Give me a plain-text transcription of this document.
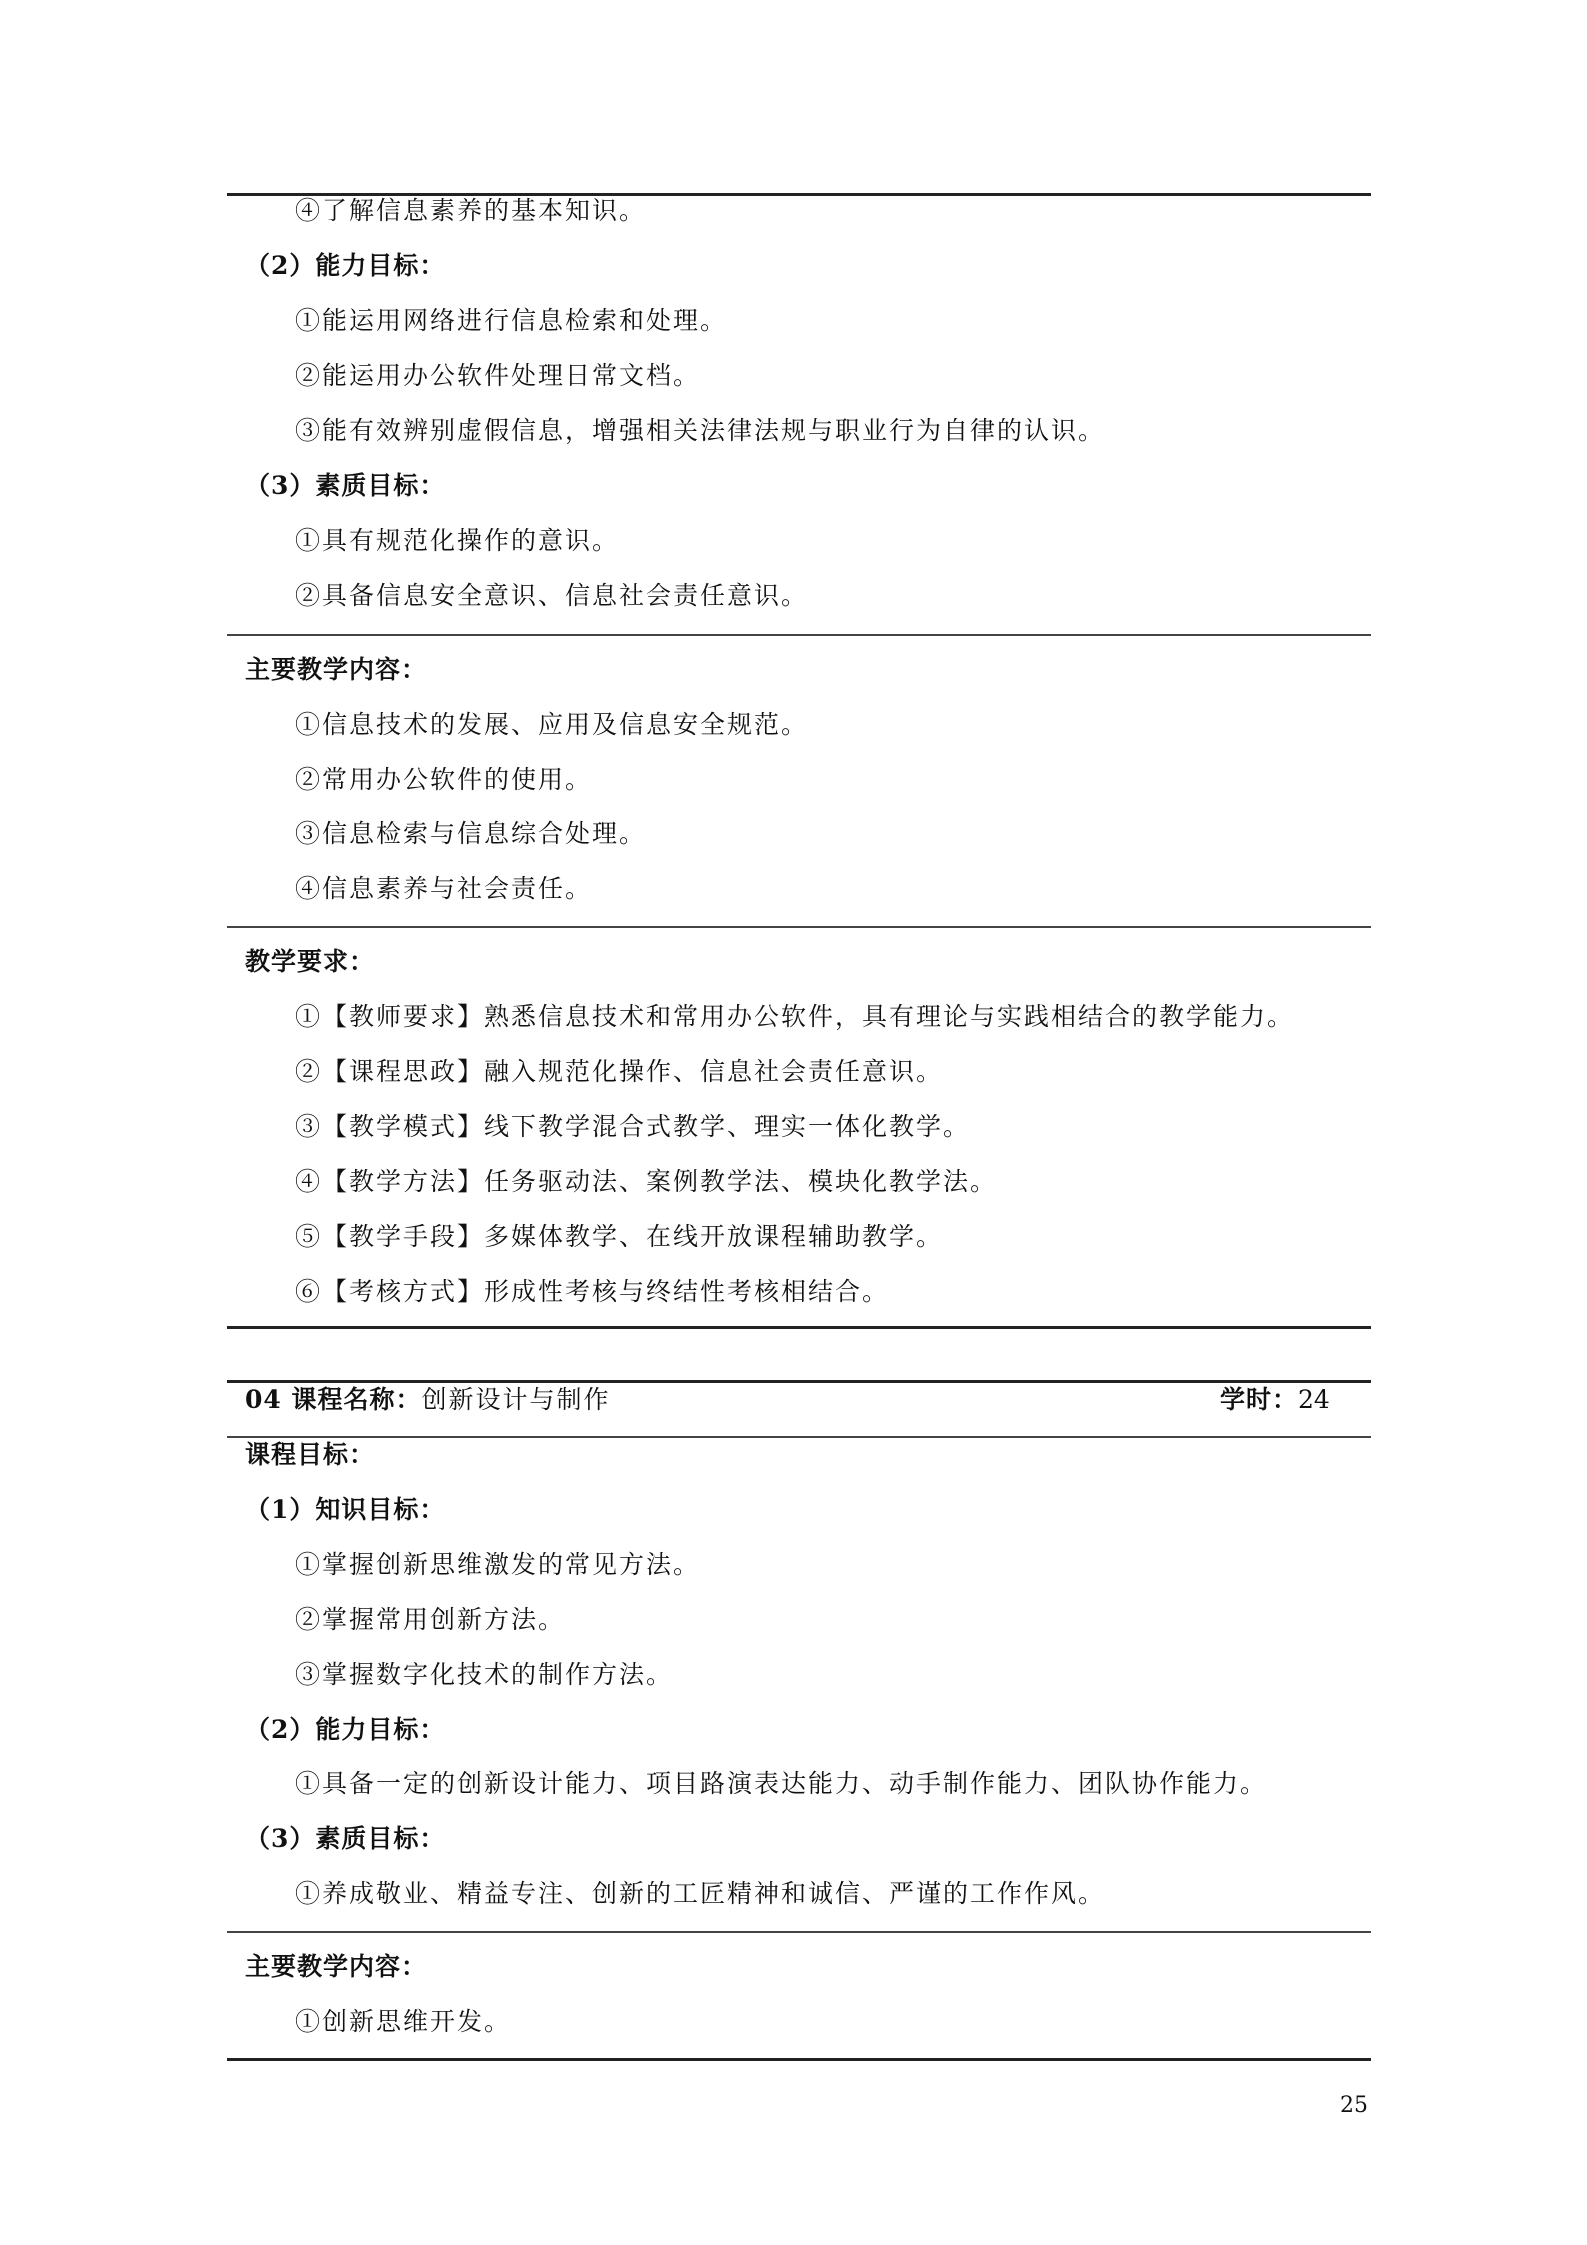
④了解信息素养的基本知识。
（2）能力目标：
①能运用网络进行信息检索和处理。
②能运用办公软件处理日常文档。
③能有效辨别虚假信息，增强相关法律法规与职业行为自律的认识。
（3）素质目标：
①具有规范化操作的意识。
②具备信息安全意识、信息社会责任意识。
主要教学内容：
①信息技术的发展、应用及信息安全规范。
②常用办公软件的使用。
③信息检索与信息综合处理。
④信息素养与社会责任。
教学要求：
①【教师要求】熟悉信息技术和常用办公软件，具有理论与实践相结合的教学能力。
②【课程思政】融入规范化操作、信息社会责任意识。
③【教学模式】线下教学混合式教学、理实一体化教学。
④【教学方法】任务驱动法、案例教学法、模块化教学法。
⑤【教学手段】多媒体教学、在线开放课程辅助教学。
⑥【考核方式】形成性考核与终结性考核相结合。
04 课程名称：创新设计与制作	学时：24
课程目标：
（1）知识目标：
①掌握创新思维激发的常见方法。
②掌握常用创新方法。
③掌握数字化技术的制作方法。
（2）能力目标：
①具备一定的创新设计能力、项目路演表达能力、动手制作能力、团队协作能力。
（3）素质目标：
①养成敬业、精益专注、创新的工匠精神和诚信、严谨的工作作风。
主要教学内容：
①创新思维开发。
25
